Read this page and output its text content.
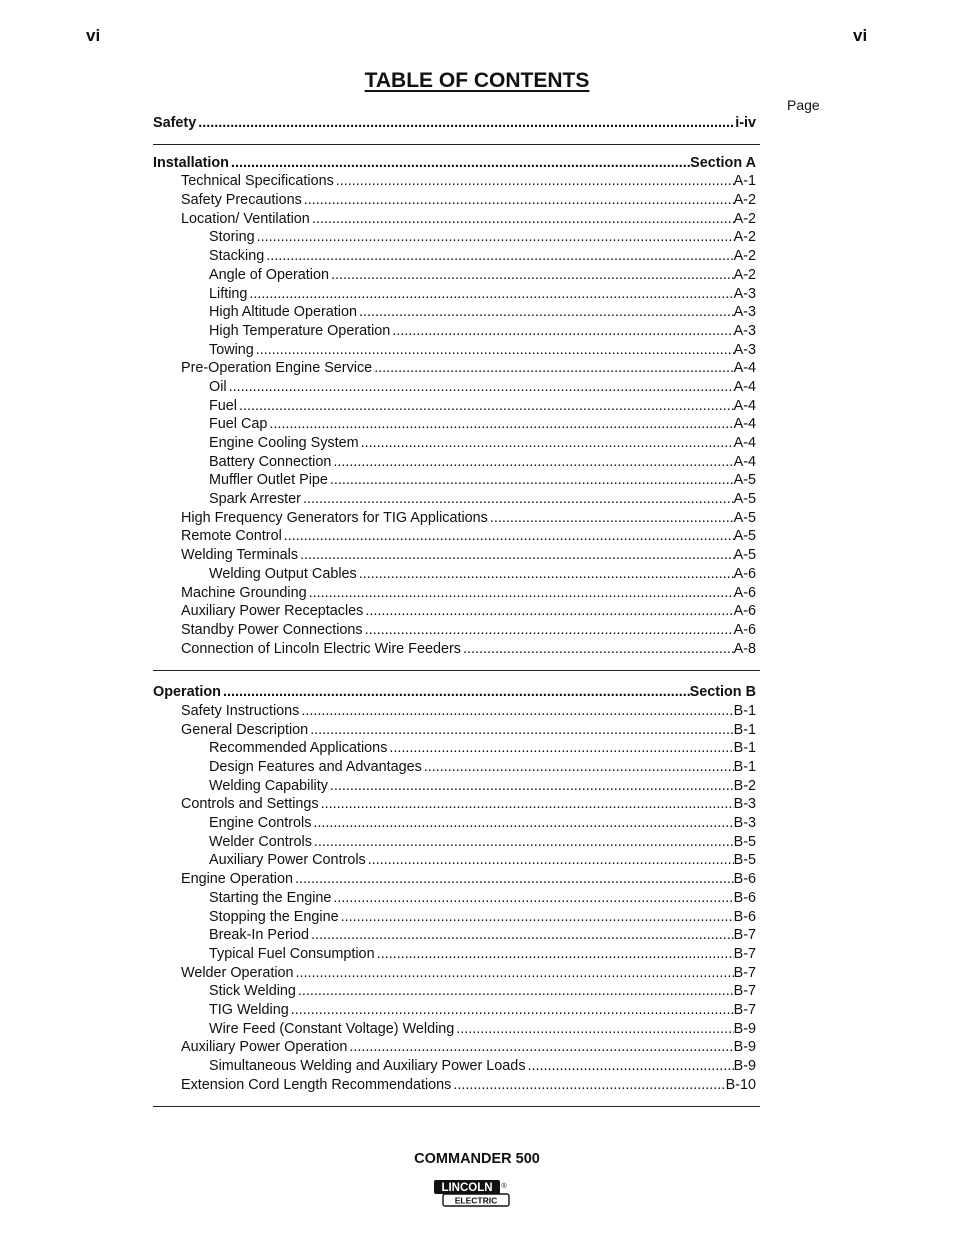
vi	vi
TABLE OF CONTENTS
Page
Safety .....	i-iv
Installation .....	Section A
Technical Specifications .....	A-1
Safety Precautions .....	A-2
Location/ Ventilation .....	A-2
Storing .....	A-2
Stacking .....	A-2
Angle of Operation .....	A-2
Lifting .....	A-3
High Altitude Operation .....	A-3
High Temperature Operation .....	A-3
Towing .....	A-3
Pre-Operation Engine Service .....	A-4
Oil .....	A-4
Fuel .....	A-4
Fuel Cap .....	A-4
Engine Cooling System .....	A-4
Battery Connection .....	A-4
Muffler Outlet Pipe .....	A-5
Spark Arrester .....	A-5
High Frequency Generators for TIG Applications .....	A-5
Remote Control .....	A-5
Welding Terminals .....	A-5
Welding Output Cables .....	A-6
Machine Grounding .....	A-6
Auxiliary Power Receptacles .....	A-6
Standby Power Connections .....	A-6
Connection of Lincoln Electric Wire Feeders .....	A-8
Operation .....	Section B
Safety Instructions .....	B-1
General Description .....	B-1
Recommended Applications .....	B-1
Design Features and Advantages .....	B-1
Welding Capability .....	B-2
Controls and Settings .....	B-3
Engine Controls .....	B-3
Welder Controls .....	B-5
Auxiliary Power Controls .....	B-5
Engine Operation .....	B-6
Starting the Engine .....	B-6
Stopping the Engine .....	B-6
Break-In Period .....	B-7
Typical Fuel Consumption .....	B-7
Welder Operation .....	B-7
Stick Welding .....	B-7
TIG Welding .....	B-7
Wire Feed (Constant Voltage) Welding .....	B-9
Auxiliary Power Operation .....	B-9
Simultaneous Welding and Auxiliary Power Loads .....	B-9
Extension Cord Length Recommendations .....	B-10
COMMANDER 500
LINCOLN ®
ELECTRIC
